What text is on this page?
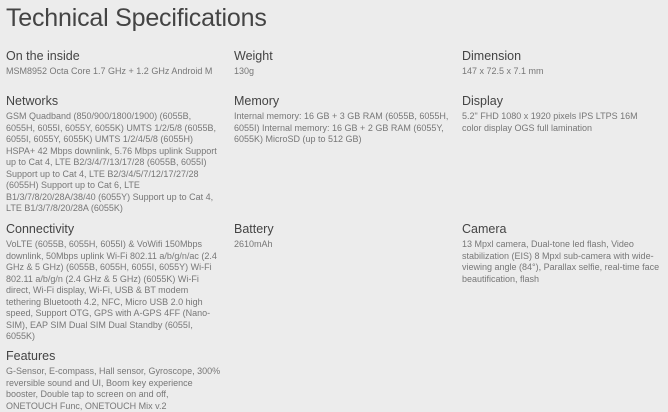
Technical Specifications
On the inside
MSM8952 Octa Core 1.7 GHz + 1.2 GHz Android M
Weight
130g
Dimension
147 x 72.5 x 7.1 mm
Networks
GSM Quadband (850/900/1800/1900) (6055B, 6055H, 6055I, 6055Y, 6055K) UMTS 1/2/5/8 (6055B, 6055I, 6055Y, 6055K) UMTS 1/2/4/5/8 (6055H) HSPA+ 42 Mbps downlink, 5.76 Mbps uplink Support up to Cat 4, LTE B2/3/4/7/13/17/28 (6055B, 6055I) Support up to Cat 4, LTE B2/3/4/5/7/12/17/27/28 (6055H) Support up to Cat 6, LTE B1/3/7/8/20/28A/38/40 (6055Y) Support up to Cat 4, LTE B1/3/7/8/20/28A (6055K)
Memory
Internal memory: 16 GB + 3 GB RAM (6055B, 6055H, 6055I) Internal memory: 16 GB + 2 GB RAM (6055Y, 6055K) MicroSD (up to 512 GB)
Display
5.2" FHD 1080 x 1920 pixels IPS LTPS 16M color display OGS full lamination
Connectivity
VoLTE (6055B, 6055H, 6055I) & VoWifi 150Mbps downlink, 50Mbps uplink Wi-Fi 802.11 a/b/g/n/ac (2.4 GHz & 5 GHz) (6055B, 6055H, 6055I, 6055Y) Wi-Fi 802.11 a/b/g/n (2.4 GHz & 5 GHz) (6055K) Wi-Fi direct, Wi-Fi display, Wi-Fi, USB & BT modem tethering Bluetooth 4.2, NFC, Micro USB 2.0 high speed, Support OTG, GPS with A-GPS 4FF (Nano-SIM), EAP SIM Dual SIM Dual Standby (6055I, 6055K)
Battery
2610mAh
Camera
13 Mpxl camera, Dual-tone led flash, Video stabilization (EIS) 8 Mpxl sub-camera with wide-viewing angle (84°), Parallax selfie, real-time face beautification, flash
Features
G-Sensor, E-compass, Hall sensor, Gyroscope, 300% reversible sound and UI, Boom key experience booster, Double tap to screen on and off, ONETOUCH Func, ONETOUCH Mix v.2
